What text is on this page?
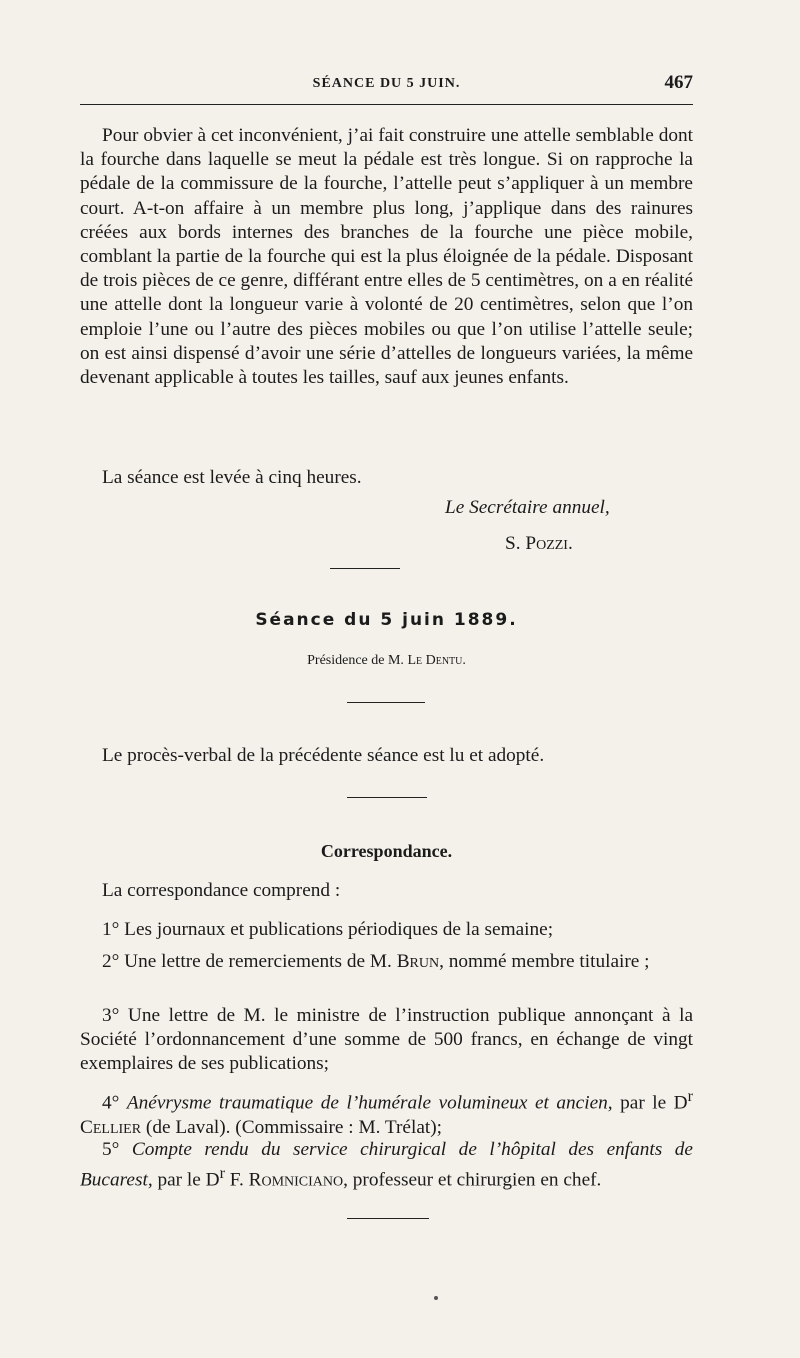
SÉANCE DU 5 JUIN.	467

Pour obvier à cet inconvénient, j’ai fait construire une attelle semblable dont la fourche dans laquelle se meut la pédale est très longue. Si on rapproche la pédale de la commissure de la fourche, l’attelle peut s’appliquer à un membre court. A-t-on affaire à un membre plus long, j’applique dans des rainures créées aux bords internes des branches de la fourche une pièce mobile, comblant la partie de la fourche qui est la plus éloignée de la pédale. Disposant de trois pièces de ce genre, différant entre elles de 5 centimètres, on a en réalité une attelle dont la longueur varie à volonté de 20 centimètres, selon que l’on emploie l’une ou l’autre des pièces mobiles ou que l’on utilise l’attelle seule; on est ainsi dispensé d’avoir une série d’attelles de longueurs variées, la même devenant applicable à toutes les tailles, sauf aux jeunes enfants.

La séance est levée à cinq heures.
Le Secrétaire annuel,
S. Pozzi.
Séance du 5 juin 1889.
Présidence de M. Le Dentu.
Le procès-verbal de la précédente séance est lu et adopté.
Correspondance.
La correspondance comprend :
1° Les journaux et publications périodiques de la semaine;

2° Une lettre de remerciements de M. Brun, nommé membre titulaire ;

3° Une lettre de M. le ministre de l’instruction publique annonçant à la Société l’ordonnancement d’une somme de 500 francs, en échange de vingt exemplaires de ses publications;

4° Anévrysme traumatique de l’humérale volumineux et ancien, par le $D^r$ Cellier (de Laval). (Commissaire : M. Trélat);

5° Compte rendu du service chirurgical de l’hôpital des enfants de Bucarest, par le $D^r$ F. Romniciano, professeur et chirurgien en chef.
